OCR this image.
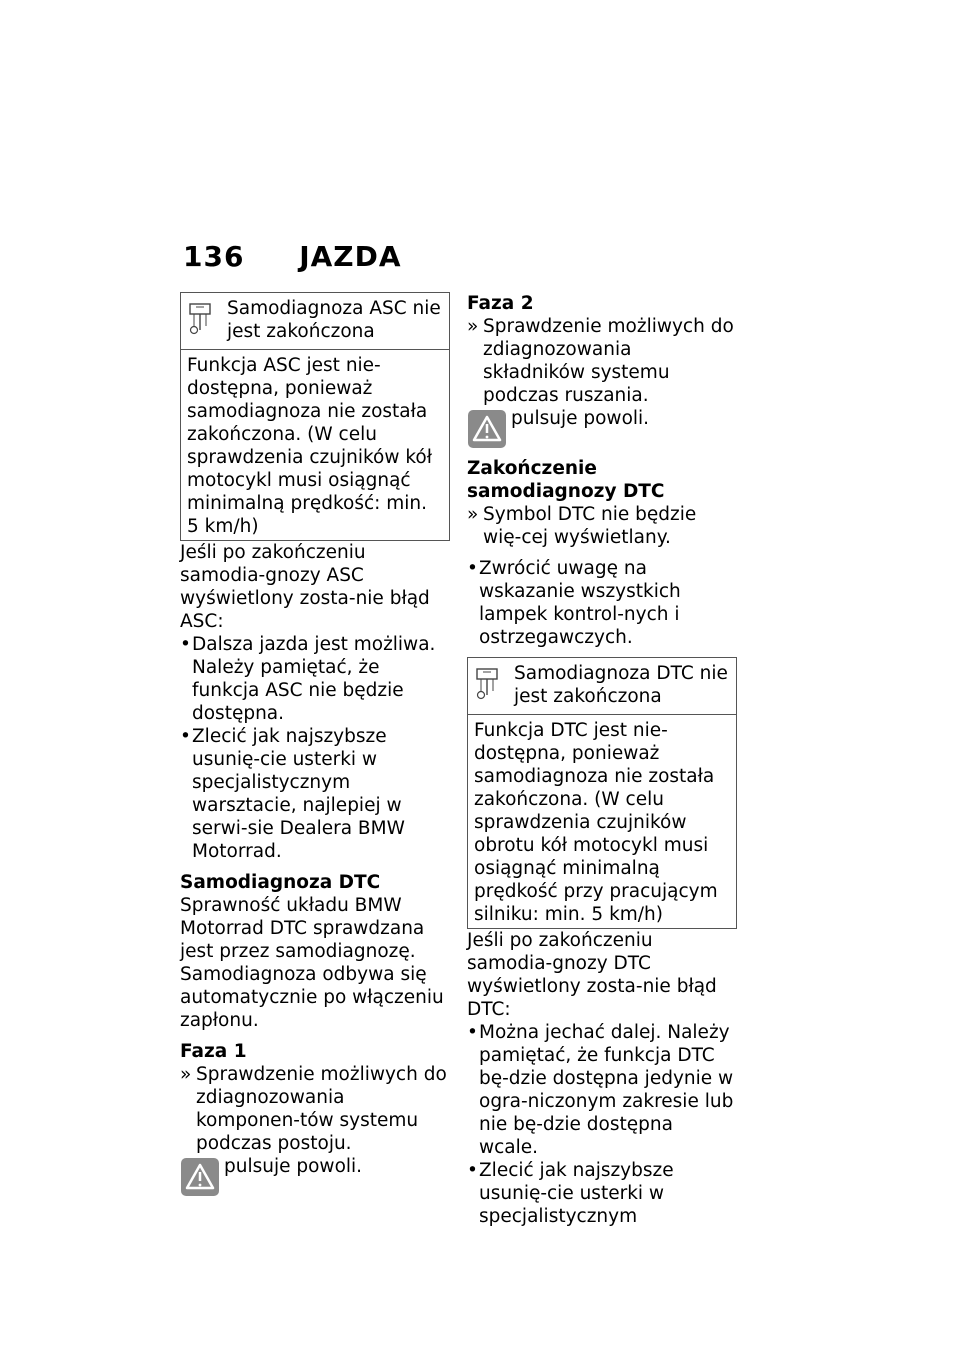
136 JAZDA

Samodiagnoza ASC nie jest zakończona

Funkcja ASC jest nie-dostępna, ponieważ samodiagnoza nie została zakończona. (W celu sprawdzenia czujników kół motocykl musi osiągnąć minimalną prędkość: min. 5 km/h)

Jeśli po zakończeniu samodia-gnozy ASC wyświetlony zosta-nie błąd ASC:

• Dalsza jazda jest możliwa. Należy pamiętać, że funkcja ASC nie będzie dostępna.

• Zlecić jak najszybsze usunię-cie usterki w specjalistycznym warsztacie, najlepiej w serwi-sie Dealera BMW Motorrad.

Samodiagnoza DTC

Sprawność układu BMW Motorrad DTC sprawdzana jest przez samodiagnozę. Samodiagnoza odbywa się automatycznie po włączeniu zapłonu.

Faza 1

» Sprawdzenie możliwych do zdiagnozowania komponen-tów systemu podczas postoju.

pulsuje powoli.

Faza 2

» Sprawdzenie możliwych do zdiagnozowania składników systemu podczas ruszania.

pulsuje powoli.

Zakończenie samodiagnozy DTC

» Symbol DTC nie będzie wię-cej wyświetlany.

• Zwrócić uwagę na wskazanie wszystkich lampek kontrol-nych i ostrzegawczych.

Samodiagnoza DTC nie jest zakończona

Funkcja DTC jest nie-dostępna, ponieważ samodiagnoza nie została zakończona. (W celu sprawdzenia czujników obrotu kół motocykl musi osiągnąć minimalną prędkość przy pracującym silniku: min. 5 km/h)

Jeśli po zakończeniu samodia-gnozy DTC wyświetlony zosta-nie błąd DTC:

• Można jechać dalej. Należy pamiętać, że funkcja DTC bę-dzie dostępna jedynie w ogra-niczonym zakresie lub nie bę-dzie dostępna wcale.

• Zlecić jak najszybsze usunię-cie usterki w specjalistycznym
